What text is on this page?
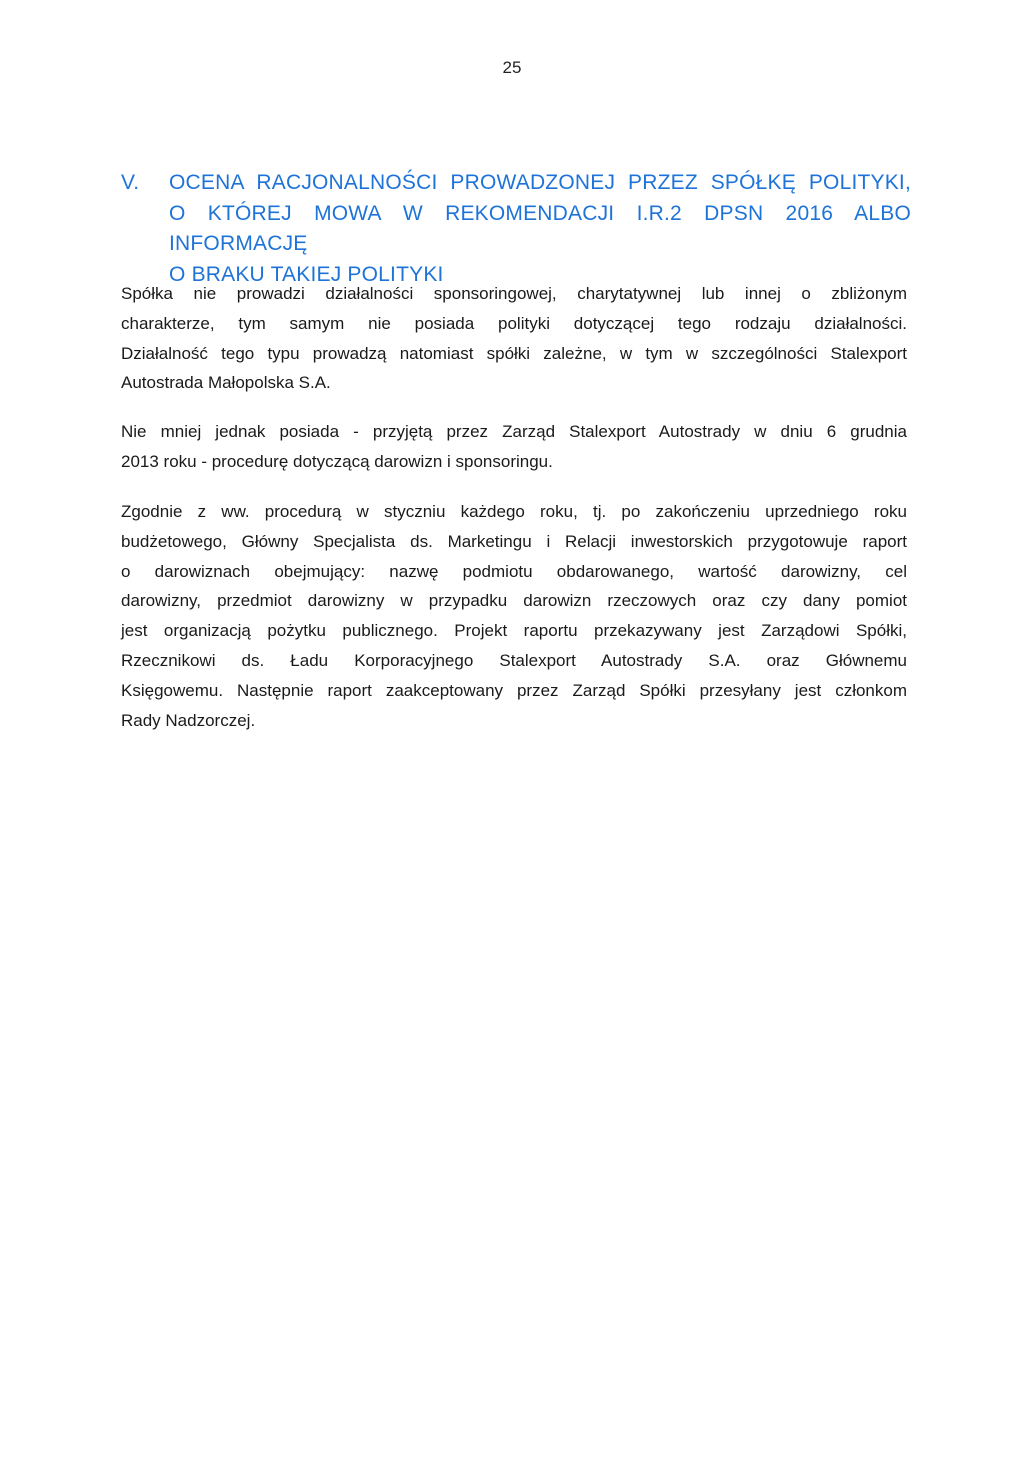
25
V.	OCENA RACJONALNOŚCI PROWADZONEJ PRZEZ SPÓŁKĘ POLITYKI,
O KTÓREJ MOWA W REKOMENDACJI I.R.2 DPSN 2016 ALBO INFORMACJĘ
O BRAKU TAKIEJ POLITYKI
Spółka nie prowadzi działalności sponsoringowej, charytatywnej lub innej o zbliżonym
charakterze, tym samym nie posiada polityki dotyczącej tego rodzaju działalności.
Działalność tego typu prowadzą natomiast spółki zależne, w tym w szczególności Stalexport
Autostrada Małopolska S.A.
Nie mniej jednak posiada - przyjętą przez Zarząd Stalexport Autostrady w dniu 6 grudnia
2013 roku - procedurę dotyczącą darowizn i sponsoringu.
Zgodnie z ww. procedurą w styczniu każdego roku, tj. po zakończeniu uprzedniego roku
budżetowego, Główny Specjalista ds. Marketingu i Relacji inwestorskich przygotowuje raport
o darowiznach obejmujący: nazwę podmiotu obdarowanego, wartość darowizny, cel
darowizny, przedmiot darowizny w przypadku darowizn rzeczowych oraz czy dany pomiot
jest organizacją pożytku publicznego. Projekt raportu przekazywany jest Zarządowi Spółki,
Rzecznikowi ds. Ładu Korporacyjnego Stalexport Autostrady S.A. oraz Głównemu
Księgowemu. Następnie raport zaakceptowany przez Zarząd Spółki przesyłany jest członkom
Rady Nadzorczej.
